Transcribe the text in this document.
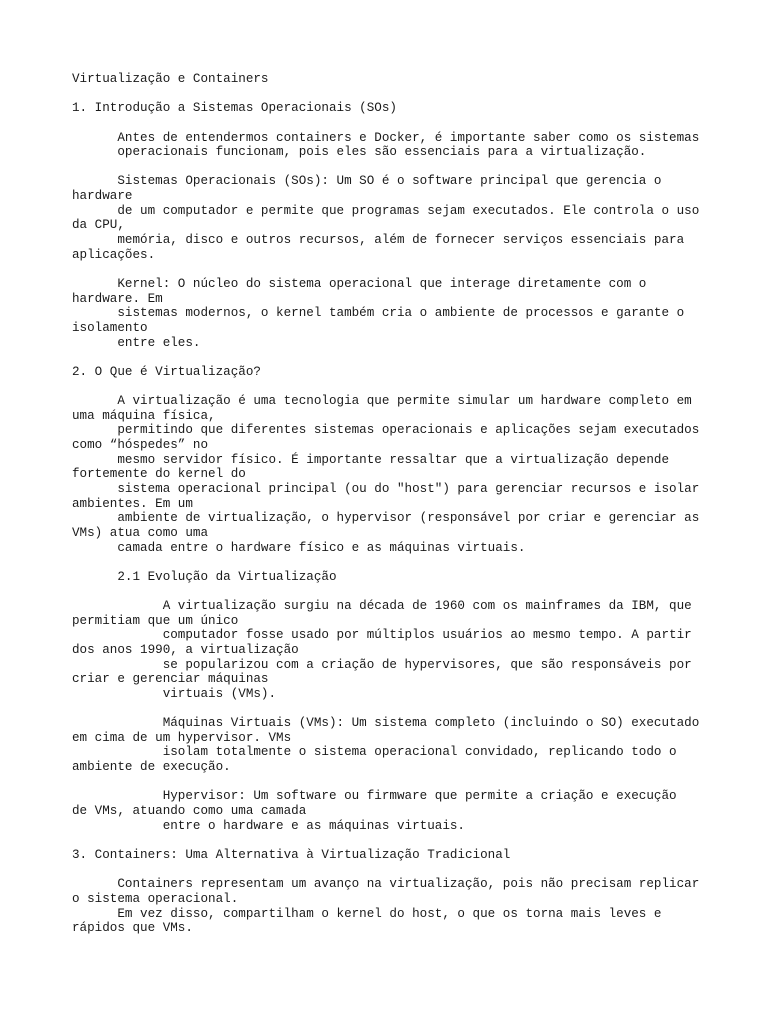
Virtualização e Containers
1. Introdução a Sistemas Operacionais (SOs)
Antes de entendermos containers e Docker, é importante saber como os sistemas
operacionais funcionam, pois eles são essenciais para a virtualização.
Sistemas Operacionais (SOs): Um SO é o software principal que gerencia o
hardware
de um computador e permite que programas sejam executados. Ele controla o uso
da CPU,
memória, disco e outros recursos, além de fornecer serviços essenciais para
aplicações.
Kernel: O núcleo do sistema operacional que interage diretamente com o
hardware. Em
sistemas modernos, o kernel também cria o ambiente de processos e garante o
isolamento
entre eles.
2. O Que é Virtualização?
A virtualização é uma tecnologia que permite simular um hardware completo em
uma máquina física,
permitindo que diferentes sistemas operacionais e aplicações sejam executados
como “hóspedes” no
mesmo servidor físico. É importante ressaltar que a virtualização depende
fortemente do kernel do
sistema operacional principal (ou do "host") para gerenciar recursos e isolar
ambientes. Em um
ambiente de virtualização, o hypervisor (responsável por criar e gerenciar as
VMs) atua como uma
camada entre o hardware físico e as máquinas virtuais.
2.1 Evolução da Virtualização
A virtualização surgiu na década de 1960 com os mainframes da IBM, que
permitiam que um único
computador fosse usado por múltiplos usuários ao mesmo tempo. A partir
dos anos 1990, a virtualização
se popularizou com a criação de hypervisores, que são responsáveis por
criar e gerenciar máquinas
virtuais (VMs).
Máquinas Virtuais (VMs): Um sistema completo (incluindo o SO) executado
em cima de um hypervisor. VMs
isolam totalmente o sistema operacional convidado, replicando todo o
ambiente de execução.
Hypervisor: Um software ou firmware que permite a criação e execução
de VMs, atuando como uma camada
entre o hardware e as máquinas virtuais.
3. Containers: Uma Alternativa à Virtualização Tradicional
Containers representam um avanço na virtualização, pois não precisam replicar
o sistema operacional.
Em vez disso, compartilham o kernel do host, o que os torna mais leves e
rápidos que VMs.
